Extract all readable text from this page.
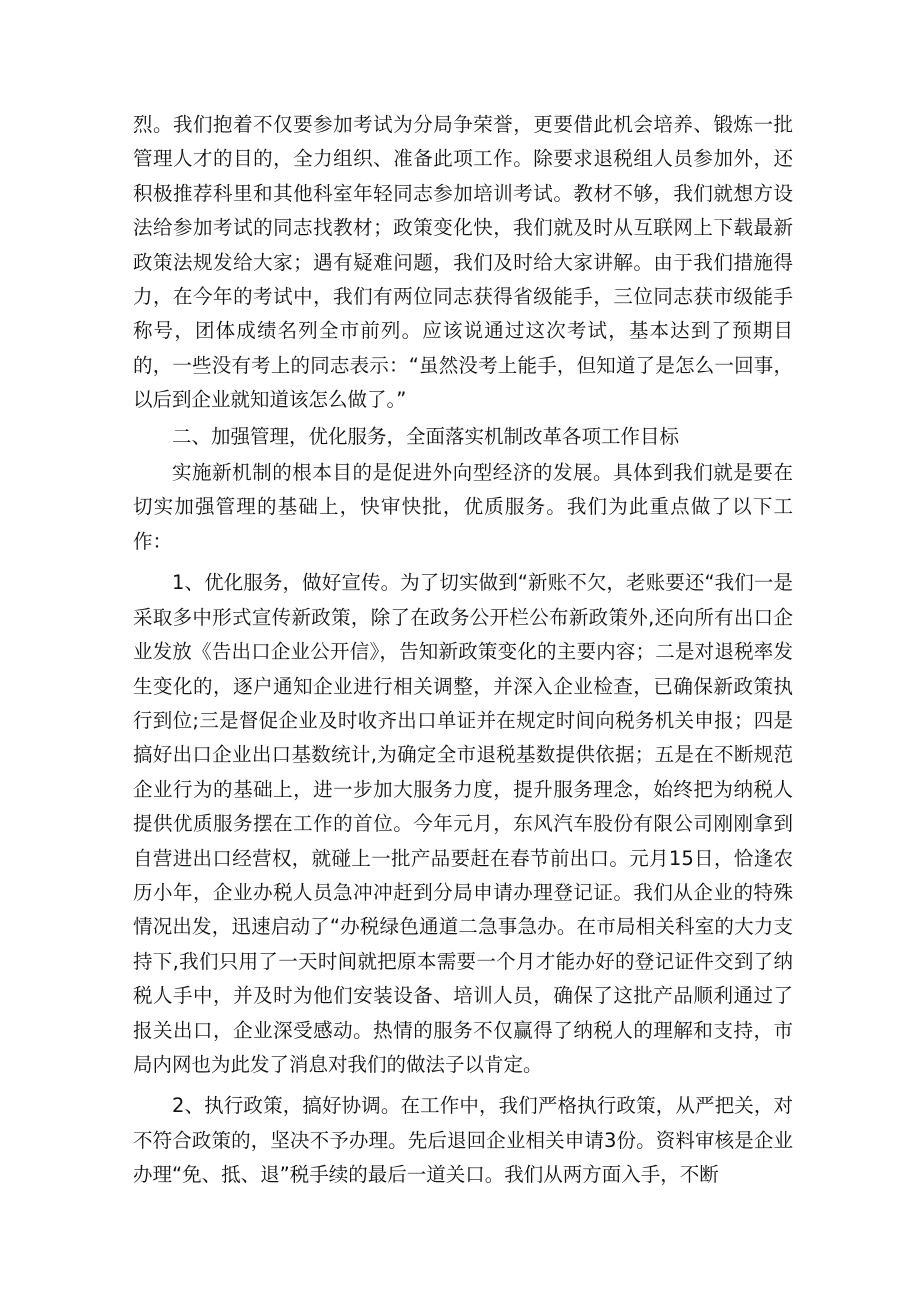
烈。我们抱着不仅要参加考试为分局争荣誉，更要借此机会培养、锻炼一批管理人才的目的，全力组织、准备此项工作。除要求退税组人员参加外，还积极推荐科里和其他科室年轻同志参加培训考试。教材不够，我们就想方设法给参加考试的同志找教材；政策变化快，我们就及时从互联网上下载最新政策法规发给大家；遇有疑难问题，我们及时给大家讲解。由于我们措施得力，在今年的考试中，我们有两位同志获得省级能手，三位同志获市级能手称号，团体成绩名列全市前列。应该说通过这次考试，基本达到了预期目的，一些没有考上的同志表示：“虽然没考上能手，但知道了是怎么一回事，以后到企业就知道该怎么做了。”

二、加强管理，优化服务，全面落实机制改革各项工作目标

实施新机制的根本目的是促进外向型经济的发展。具体到我们就是要在切实加强管理的基础上，快审快批，优质服务。我们为此重点做了以下工作：

1、优化服务，做好宣传。为了切实做到“新账不欠，老账要还“我们一是采取多中形式宣传新政策，除了在政务公开栏公布新政策外,还向所有出口企业发放《告出口企业公开信》，告知新政策变化的主要内容；二是对退税率发生变化的，逐户通知企业进行相关调整，并深入企业检查，已确保新政策执行到位;三是督促企业及时收齐出口单证并在规定时间向税务机关申报；四是搞好出口企业出口基数统计,为确定全市退税基数提供依据；五是在不断规范企业行为的基础上，进一步加大服务力度，提升服务理念，始终把为纳税人提供优质服务摆在工作的首位。今年元月，东风汽车股份有限公司刚刚拿到自营进出口经营权，就碰上一批产品要赶在春节前出口。元月15日，恰逢农历小年，企业办税人员急冲冲赶到分局申请办理登记证。我们从企业的特殊情况出发，迅速启动了“办税绿色通道二急事急办。在市局相关科室的大力支持下,我们只用了一天时间就把原本需要一个月才能办好的登记证件交到了纳税人手中，并及时为他们安装设备、培训人员，确保了这批产品顺利通过了报关出口，企业深受感动。热情的服务不仅赢得了纳税人的理解和支持，市局内网也为此发了消息对我们的做法子以肯定。

2、执行政策，搞好协调。在工作中，我们严格执行政策，从严把关，对不符合政策的，坚决不予办理。先后退回企业相关申请3份。资料审核是企业办理“免、抵、退”税手续的最后一道关口。我们从两方面入手，不断
